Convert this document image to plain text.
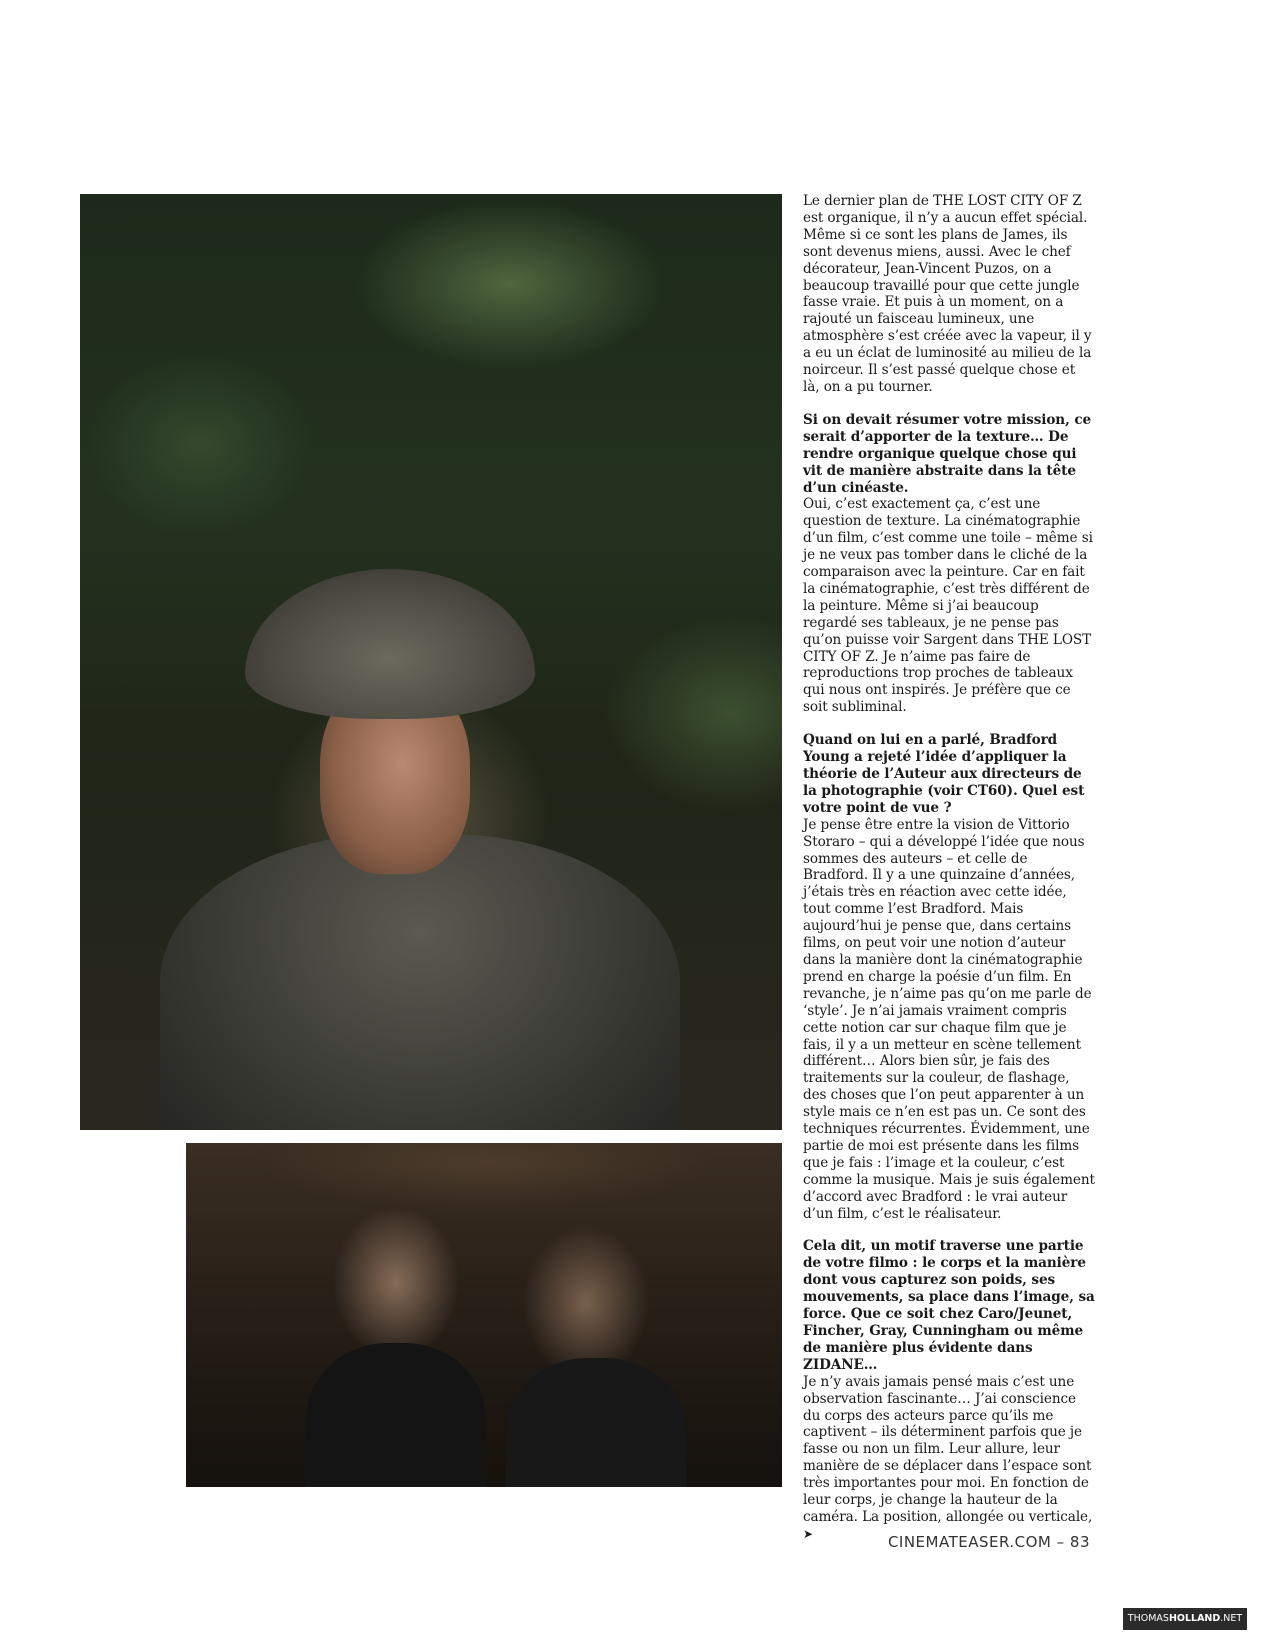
Le dernier plan de THE LOST CITY OF Z est organique, il n’y a aucun effet spécial. Même si ce sont les plans de James, ils sont devenus miens, aussi. Avec le chef décorateur, Jean-Vincent Puzos, on a beaucoup travaillé pour que cette jungle fasse vraie. Et puis à un moment, on a rajouté un faisceau lumineux, une atmosphère s’est créée avec la vapeur, il y a eu un éclat de luminosité au milieu de la noirceur. Il s’est passé quelque chose et là, on a pu tourner.

Si on devait résumer votre mission, ce serait d’apporter de la texture… De rendre organique quelque chose qui vit de manière abstraite dans la tête d’un cinéaste.

Oui, c’est exactement ça, c’est une question de texture. La cinématographie d’un film, c’est comme une toile – même si je ne veux pas tomber dans le cliché de la comparaison avec la peinture. Car en fait la cinématographie, c’est très différent de la peinture. Même si j’ai beaucoup regardé ses tableaux, je ne pense pas qu’on puisse voir Sargent dans THE LOST CITY OF Z. Je n’aime pas faire de reproductions trop proches de tableaux qui nous ont inspirés. Je préfère que ce soit subliminal.

Quand on lui en a parlé, Bradford Young a rejeté l’idée d’appliquer la théorie de l’Auteur aux directeurs de la photographie (voir CT60). Quel est votre point de vue ?

Je pense être entre la vision de Vittorio Storaro – qui a développé l’idée que nous sommes des auteurs – et celle de Bradford. Il y a une quinzaine d’années, j’étais très en réaction avec cette idée, tout comme l’est Bradford. Mais aujourd’hui je pense que, dans certains films, on peut voir une notion d’auteur dans la manière dont la cinématographie prend en charge la poésie d’un film. En revanche, je n’aime pas qu’on me parle de ‘style’. Je n’ai jamais vraiment compris cette notion car sur chaque film que je fais, il y a un metteur en scène tellement différent… Alors bien sûr, je fais des traitements sur la couleur, de flashage, des choses que l’on peut apparenter à un style mais ce n’en est pas un. Ce sont des techniques récurrentes. Évidemment, une partie de moi est présente dans les films que je fais : l’image et la couleur, c’est comme la musique. Mais je suis également d’accord avec Bradford : le vrai auteur d’un film, c’est le réalisateur.

Cela dit, un motif traverse une partie de votre filmo : le corps et la manière dont vous capturez son poids, ses mouvements, sa place dans l’image, sa force. Que ce soit chez Caro/Jeunet, Fincher, Gray, Cunningham ou même de manière plus évidente dans ZIDANE…

Je n’y avais jamais pensé mais c’est une observation fascinante… J’ai conscience du corps des acteurs parce qu’ils me captivent – ils déterminent parfois que je fasse ou non un film. Leur allure, leur manière de se déplacer dans l’espace sont très importantes pour moi. En fonction de leur corps, je change la hauteur de la caméra. La position, allongée ou verticale, ➤	CINEMATEASER.COM – 83
THOMASHOLLAND.NET
